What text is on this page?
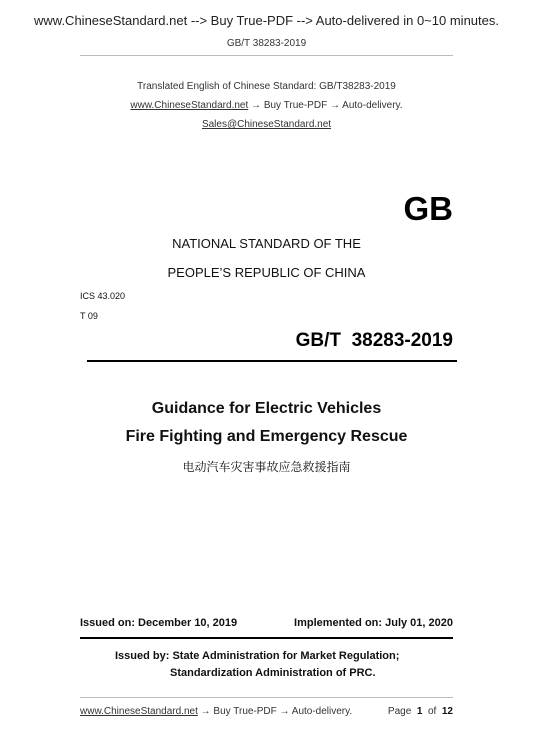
www.ChineseStandard.net --> Buy True-PDF --> Auto-delivered in 0~10 minutes.
GB/T 38283-2019
Translated English of Chinese Standard: GB/T38283-2019
www.ChineseStandard.net → Buy True-PDF → Auto-delivery.
Sales@ChineseStandard.net
GB
NATIONAL STANDARD OF THE
PEOPLE’S REPUBLIC OF CHINA
ICS 43.020
T 09
GB/T  38283-2019
Guidance for Electric Vehicles
Fire Fighting and Emergency Rescue
电动汽车灾害事故应急救援指南
Issued on: December 10, 2019	Implemented on: July 01, 2020
Issued by: State Administration for Market Regulation;
Standardization Administration of PRC.
www.ChineseStandard.net → Buy True-PDF → Auto-delivery.	Page 1 of 12
